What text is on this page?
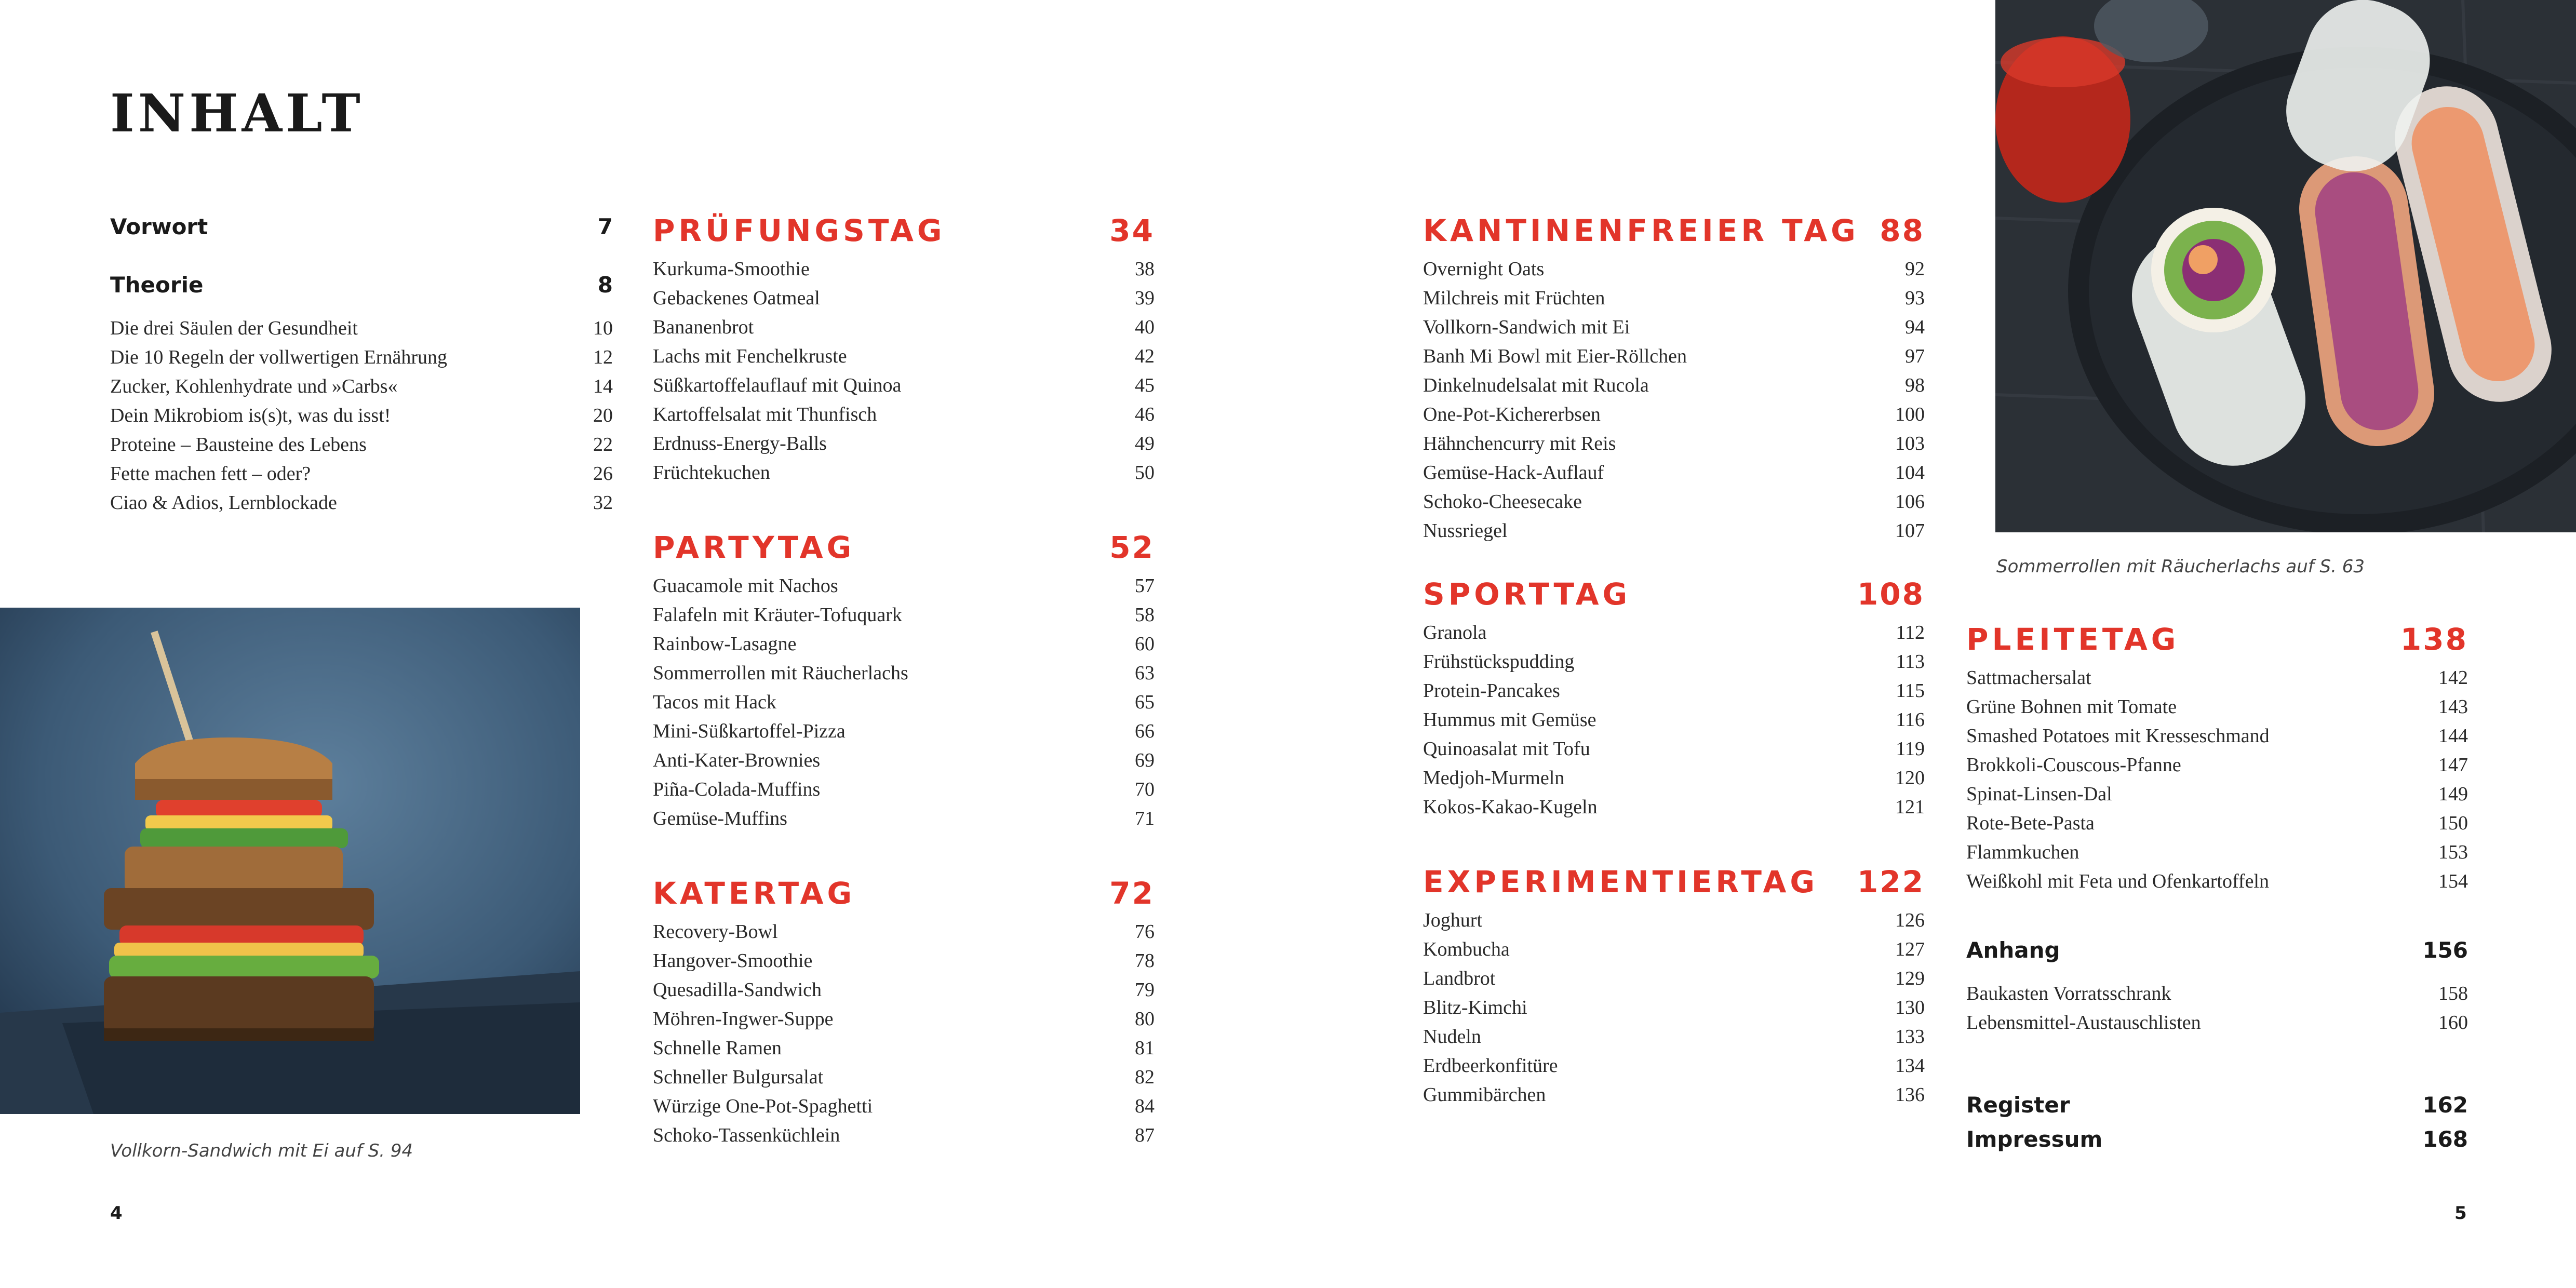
INHALT
Vorwort	7
Theorie	8
Die drei Säulen der Gesundheit	10
Die 10 Regeln der vollwertigen Ernährung	12
Zucker, Kohlenhydrate und »Carbs«	14
Dein Mikrobiom is(s)t, was du isst!	20
Proteine – Bausteine des Lebens	22
Fette machen fett – oder?	26
Ciao & Adios, Lernblockade	32
Vollkorn-Sandwich mit Ei auf S. 94
PRÜFUNGSTAG	34
Kurkuma-Smoothie	38
Gebackenes Oatmeal	39
Bananenbrot	40
Lachs mit Fenchelkruste	42
Süßkartoffelauflauf mit Quinoa	45
Kartoffelsalat mit Thunfisch	46
Erdnuss-Energy-Balls	49
Früchtekuchen	50
PARTYTAG	52
Guacamole mit Nachos	57
Falafeln mit Kräuter-Tofuquark	58
Rainbow-Lasagne	60
Sommerrollen mit Räucherlachs	63
Tacos mit Hack	65
Mini-Süßkartoffel-Pizza	66
Anti-Kater-Brownies	69
Piña-Colada-Muffins	70
Gemüse-Muffins	71
KATERTAG	72
Recovery-Bowl	76
Hangover-Smoothie	78
Quesadilla-Sandwich	79
Möhren-Ingwer-Suppe	80
Schnelle Ramen	81
Schneller Bulgursalat	82
Würzige One-Pot-Spaghetti	84
Schoko-Tassenküchlein	87
KANTINENFREIER TAG 88
Overnight Oats	92
Milchreis mit Früchten	93
Vollkorn-Sandwich mit Ei	94
Banh Mi Bowl mit Eier-Röllchen	97
Dinkelnudelsalat mit Rucola	98
One-Pot-Kichererbsen	100
Hähnchencurry mit Reis	103
Gemüse-Hack-Auflauf	104
Schoko-Cheesecake	106
Nussriegel	107
SPORTTAG	108
Granola	112
Frühstückspudding	113
Protein-Pancakes	115
Hummus mit Gemüse	116
Quinoasalat mit Tofu	119
Medjoh-Murmeln	120
Kokos-Kakao-Kugeln	121
EXPERIMENTIERTAG 122
Joghurt	126
Kombucha	127
Landbrot	129
Blitz-Kimchi	130
Nudeln	133
Erdbeerkonfitüre	134
Gummibärchen	136
Sommerrollen mit Räucherlachs auf S. 63
PLEITETAG	138
Sattmachersalat	142
Grüne Bohnen mit Tomate	143
Smashed Potatoes mit Kresseschmand	144
Brokkoli-Couscous-Pfanne	147
Spinat-Linsen-Dal	149
Rote-Bete-Pasta	150
Flammkuchen	153
Weißkohl mit Feta und Ofenkartoffeln	154
Anhang	156
Baukasten Vorratsschrank	158
Lebensmittel-Austauschlisten	160
Register	162
Impressum	168
4	5
